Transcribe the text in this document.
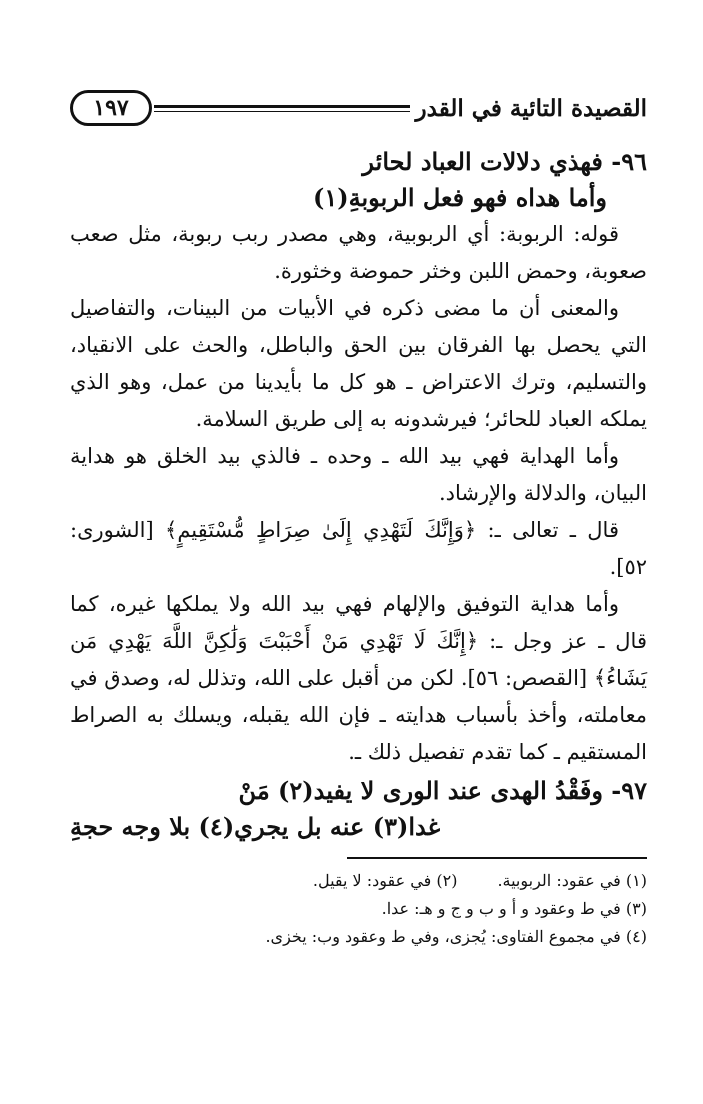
القصيدة التائية في القدر
١٩٧
٩٦- فهذي دلالات العباد لحائر
وأما هداه فهو فعل الربوبةِ(١)

قوله: الربوبة: أي الربوبية، وهي مصدر ربب ربوبة، مثل صعب صعوبة، وحمض اللبن وخثر حموضة وخثورة.

والمعنى أن ما مضى ذكره في الأبيات من البينات، والتفاصيل التي يحصل بها الفرقان بين الحق والباطل، والحث على الانقياد، والتسليم، وترك الاعتراض ـ هو كل ما بأيدينا من عمل، وهو الذي يملكه العباد للحائر؛ فيرشدونه به إلى طريق السلامة.

وأما الهداية فهي بيد الله ـ وحده ـ فالذي بيد الخلق هو هداية البيان، والدلالة والإرشاد.

قال ـ تعالى ـ: ﴿وَإِنَّكَ لَتَهْدِي إِلَىٰ صِرَاطٍ مُّسْتَقِيمٍ﴾ [الشورى: ٥٢].

وأما هداية التوفيق والإلهام فهي بيد الله ولا يملكها غيره، كما قال ـ عز وجل ـ: ﴿إِنَّكَ لَا تَهْدِي مَنْ أَحْبَبْتَ وَلَٰكِنَّ اللَّهَ يَهْدِي مَن يَشَاءُ﴾ [القصص: ٥٦]. لكن من أقبل على الله، وتذلل له، وصدق في معاملته، وأخذ بأسباب هدايته ـ فإن الله يقبله، ويسلك به الصراط المستقيم ـ كما تقدم تفصيل ذلك ـ.

٩٧- وفَقْدُ الهدى عند الورى لا يفيد(٢) مَنْ
غدا(٣) عنه بل يجري(٤) بلا وجه حجةِ
(١) في عقود: الربوبية.
(٢) في عقود: لا يقيل.
(٣) في ط وعقود و أ و ب و ج و هـ: عدا.
(٤) في مجموع الفتاوى: يُجزى، وفي ط وعقود وب: يخزى.
